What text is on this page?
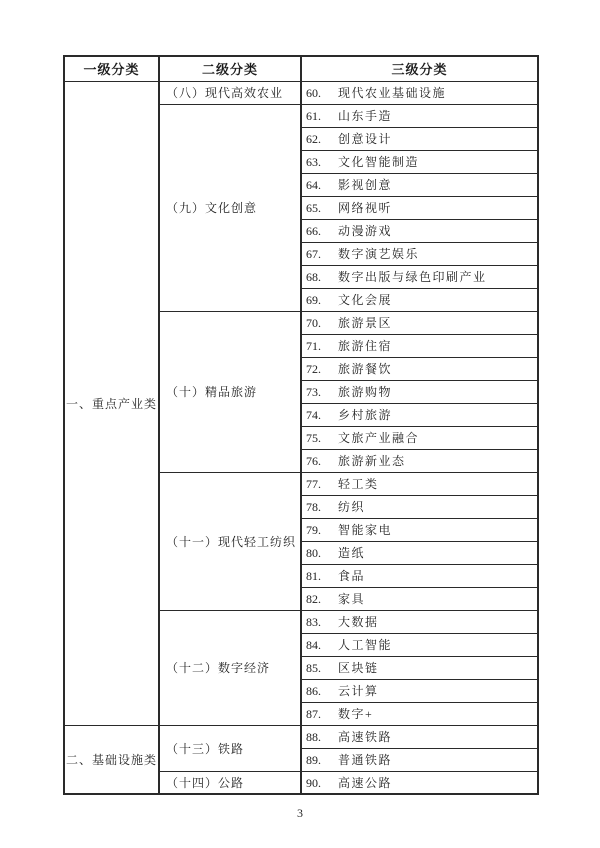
一级分类	二级分类	三级分类
一、重点产业类	（八）现代高效农业	60. 现代农业基础设施
	（九）文化创意	61. 山东手造
		62. 创意设计
		63. 文化智能制造
		64. 影视创意
		65. 网络视听
		66. 动漫游戏
		67. 数字演艺娱乐
		68. 数字出版与绿色印刷产业
		69. 文化会展
	（十）精品旅游	70. 旅游景区
		71. 旅游住宿
		72. 旅游餐饮
		73. 旅游购物
		74. 乡村旅游
		75. 文旅产业融合
		76. 旅游新业态
	（十一）现代轻工纺织	77. 轻工类
		78. 纺织
		79. 智能家电
		80. 造纸
		81. 食品
		82. 家具
	（十二）数字经济	83. 大数据
		84. 人工智能
		85. 区块链
		86. 云计算
		87. 数字+
二、基础设施类	（十三）铁路	88. 高速铁路
		89. 普通铁路
	（十四）公路	90. 高速公路
3
